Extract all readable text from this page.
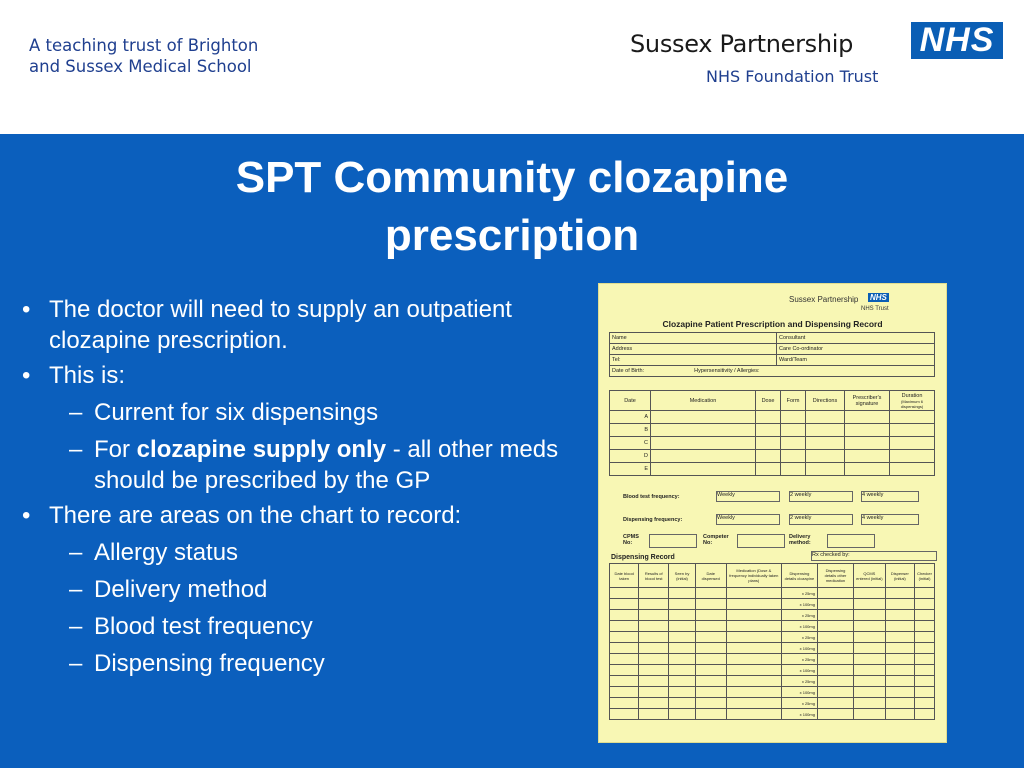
A teaching trust of Brighton
and Sussex Medical School
Sussex Partnership
NHS Foundation Trust
NHS
SPT Community clozapine
prescription
• The doctor will need to supply an outpatient clozapine prescription.
• This is:
– Current for six dispensings
– For clozapine supply only - all other meds should be prescribed by the GP
• There are areas on the chart to record:
– Allergy status
– Delivery method
– Blood test frequency
– Dispensing frequency
Sussex Partnership NHS
NHS Trust
Clozapine Patient Prescription and Dispensing Record
Name	Consultant
Address	Care Co-ordinator
Tel:	Ward/Team
Date of Birth: Hypersensitivity / Allergies:	
Date	Medication	Dose	Form	Directions	Prescriber's signature	Duration
(Maximum 6 dispensings)

A						
B						
C						
D						
E						
Blood test frequency:	Weekly	2 weekly	4 weekly
Dispensing frequency:	Weekly	2 weekly	4 weekly
CPMS No:
Competer No:
Delivery method:
Dispensing Record	Rx checked by:
Date blood taken	Results of blood test	Seen by (initial)	Date dispensed	Medication (Dose & frequency individually taken plans)	Dispensing details clozapine	Dispensing details other medication	QCMS entered (initial)	Dispenser (initial)	Checker (initial)
					x 25mg				
					x 100mg				
					x 25mg				
					x 100mg				
					x 25mg				
					x 100mg				
					x 25mg				
					x 100mg				
					x 25mg				
					x 100mg				
					x 25mg				
					x 100mg				
